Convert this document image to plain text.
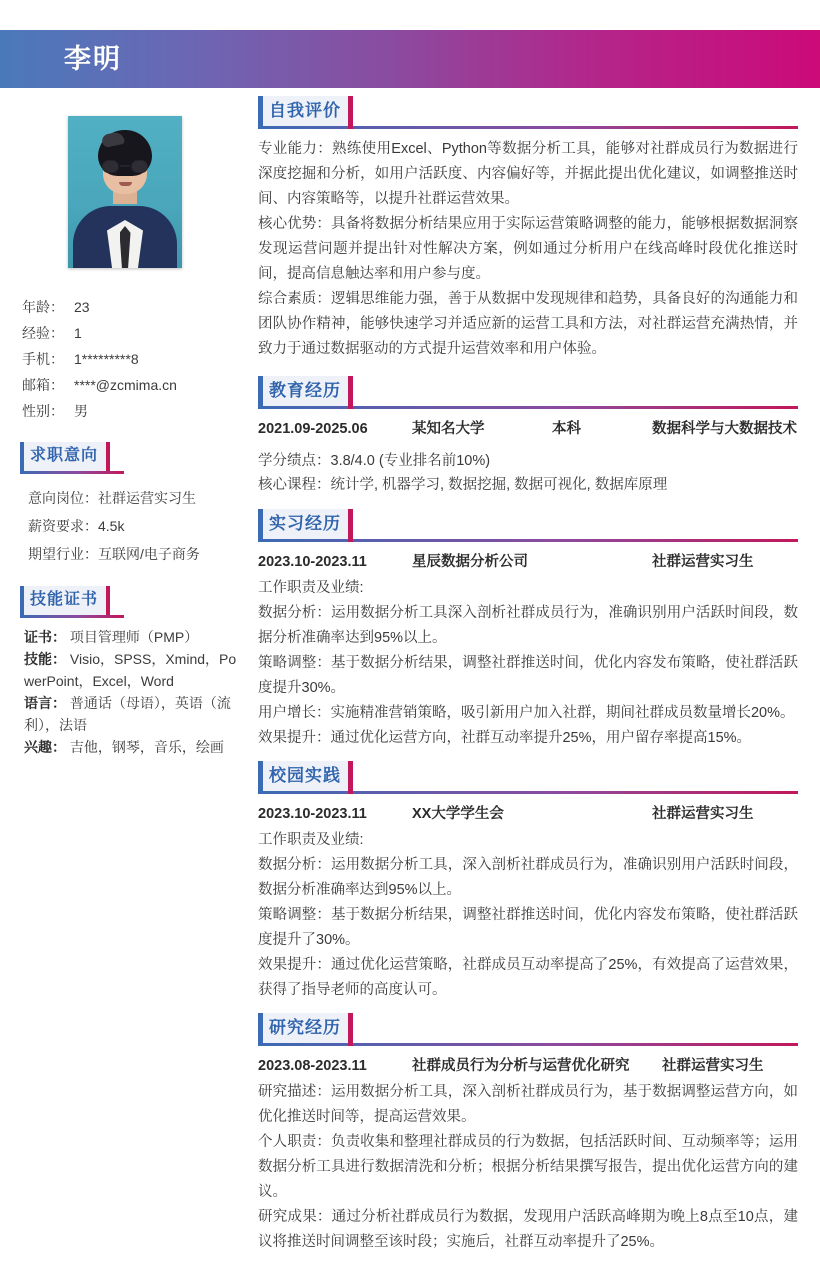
李明
年龄： 23
经验： 1
手机： 1*********8
邮箱： ****@zcmima.cn
性别： 男
求职意向
意向岗位：社群运营实习生
薪资要求：4.5k
期望行业：互联网/电子商务
技能证书
证书： 项目管理师（PMP）
技能： Visio，SPSS，Xmind，PowerPoint，Excel，Word
语言： 普通话（母语），英语（流利），法语
兴趣： 吉他，钢琴，音乐，绘画
自我评价

专业能力：熟练使用Excel、Python等数据分析工具，能够对社群成员行为数据进行深度挖掘和分析，如用户活跃度、内容偏好等，并据此提出优化建议，如调整推送时间、内容策略等，以提升社群运营效果。

核心优势：具备将数据分析结果应用于实际运营策略调整的能力，能够根据数据洞察发现运营问题并提出针对性解决方案，例如通过分析用户在线高峰时段优化推送时间，提高信息触达率和用户参与度。

综合素质：逻辑思维能力强，善于从数据中发现规律和趋势，具备良好的沟通能力和团队协作精神，能够快速学习并适应新的运营工具和方法，对社群运营充满热情，并致力于通过数据驱动的方式提升运营效率和用户体验。

教育经历
2021.09-2025.06	某知名大学	本科	数据科学与大数据技术
学分绩点：3.8/4.0 (专业排名前10%)
核心课程：统计学, 机器学习, 数据挖掘, 数据可视化, 数据库原理
实习经历
2023.10-2023.11	星辰数据分析公司	社群运营实习生
工作职责及业绩:
数据分析：运用数据分析工具深入剖析社群成员行为，准确识别用户活跃时间段，数据分析准确率达到95%以上。
策略调整：基于数据分析结果，调整社群推送时间，优化内容发布策略，使社群活跃度提升30%。
用户增长：实施精准营销策略，吸引新用户加入社群，期间社群成员数量增长20%。
效果提升：通过优化运营方向，社群互动率提升25%，用户留存率提高15%。
校园实践
2023.10-2023.11	XX大学学生会	社群运营实习生
工作职责及业绩:
数据分析：运用数据分析工具，深入剖析社群成员行为，准确识别用户活跃时间段，数据分析准确率达到95%以上。
策略调整：基于数据分析结果，调整社群推送时间，优化内容发布策略，使社群活跃度提升了30%。
效果提升：通过优化运营策略，社群成员互动率提高了25%，有效提高了运营效果，获得了指导老师的高度认可。
研究经历
2023.08-2023.11	社群成员行为分析与运营优化研究	社群运营实习生
研究描述：运用数据分析工具，深入剖析社群成员行为，基于数据调整运营方向，如优化推送时间等，提高运营效果。
个人职责：负责收集和整理社群成员的行为数据，包括活跃时间、互动频率等；运用数据分析工具进行数据清洗和分析；根据分析结果撰写报告，提出优化运营方向的建议。
研究成果：通过分析社群成员行为数据，发现用户活跃高峰期为晚上8点至10点，建议将推送时间调整至该时段；实施后，社群互动率提升了25%。
